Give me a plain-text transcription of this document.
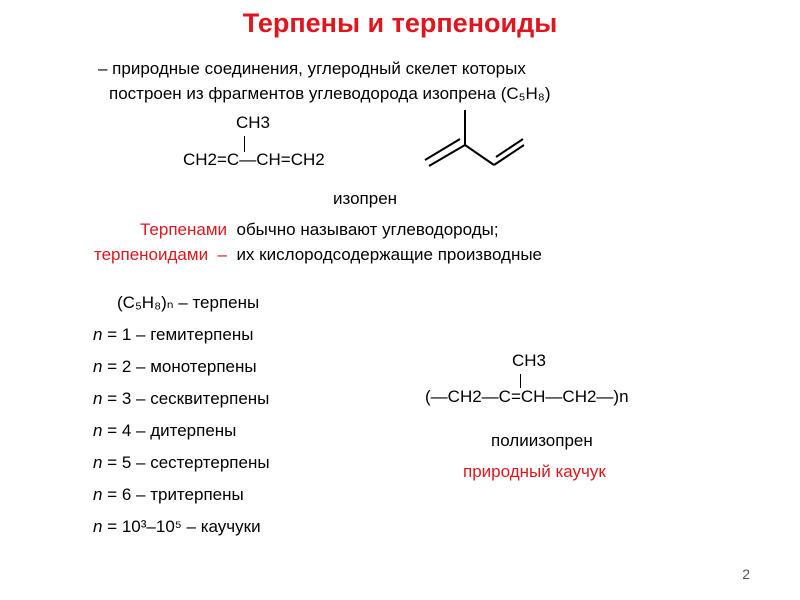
Терпены и терпеноиды
– природные соединения, углеродный скелет которых
построен из фрагментов углеводорода изопрена (C₅H₈)
CH3
CH2=C—CH=CH2
изопрен
Терпенами обычно называют углеводороды;
терпеноидами – их кислородсодержащие производные
(C₅H₈)ₙ – терпены
n = 1 – гемитерпены
n = 2 – монотерпены
n = 3 – сесквитерпены
n = 4 – дитерпены
n = 5 – сестертерпены
n = 6 – тритерпены
n = 10³–10⁵ – каучуки
CH3
(—CH2—C=CH—CH2—)n
полиизопрен
природный каучук
2
